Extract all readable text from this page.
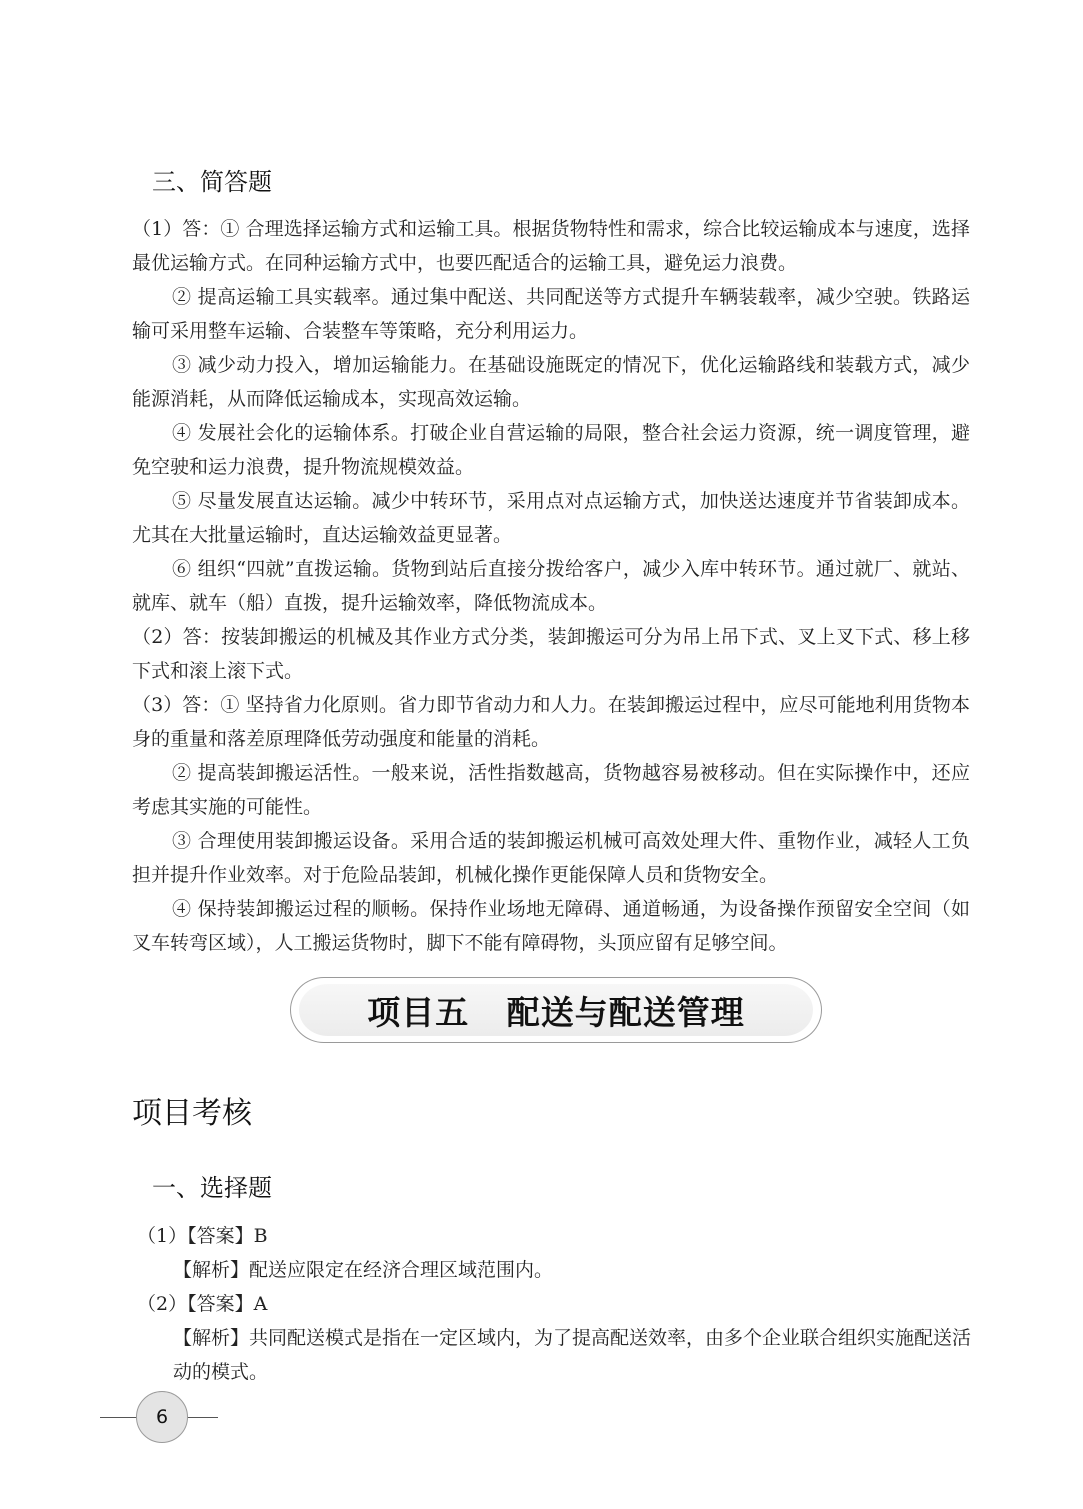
三、简答题

（1）答：① 合理选择运输方式和运输工具。根据货物特性和需求，综合比较运输成本与速度，选择最优运输方式。在同种运输方式中，也要匹配适合的运输工具，避免运力浪费。

② 提高运输工具实载率。通过集中配送、共同配送等方式提升车辆装载率，减少空驶。铁路运输可采用整车运输、合装整车等策略，充分利用运力。

③ 减少动力投入，增加运输能力。在基础设施既定的情况下，优化运输路线和装载方式，减少能源消耗，从而降低运输成本，实现高效运输。

④ 发展社会化的运输体系。打破企业自营运输的局限，整合社会运力资源，统一调度管理，避免空驶和运力浪费，提升物流规模效益。

⑤ 尽量发展直达运输。减少中转环节，采用点对点运输方式，加快送达速度并节省装卸成本。尤其在大批量运输时，直达运输效益更显著。

⑥ 组织“四就”直拨运输。货物到站后直接分拨给客户，减少入库中转环节。通过就厂、就站、就库、就车（船）直拨，提升运输效率，降低物流成本。

（2）答：按装卸搬运的机械及其作业方式分类，装卸搬运可分为吊上吊下式、叉上叉下式、移上移下式和滚上滚下式。

（3）答：① 坚持省力化原则。省力即节省动力和人力。在装卸搬运过程中，应尽可能地利用货物本身的重量和落差原理降低劳动强度和能量的消耗。

② 提高装卸搬运活性。一般来说，活性指数越高，货物越容易被移动。但在实际操作中，还应考虑其实施的可能性。

③ 合理使用装卸搬运设备。采用合适的装卸搬运机械可高效处理大件、重物作业，减轻人工负担并提升作业效率。对于危险品装卸，机械化操作更能保障人员和货物安全。

④ 保持装卸搬运过程的顺畅。保持作业场地无障碍、通道畅通，为设备操作预留安全空间（如叉车转弯区域），人工搬运货物时，脚下不能有障碍物，头顶应留有足够空间。

项目五   配送与配送管理
项目考核
一、选择题
（1）【答案】B
【解析】配送应限定在经济合理区域范围内。
（2）【答案】A
【解析】共同配送模式是指在一定区域内，为了提高配送效率，由多个企业联合组织实施配送活动的模式。
6
